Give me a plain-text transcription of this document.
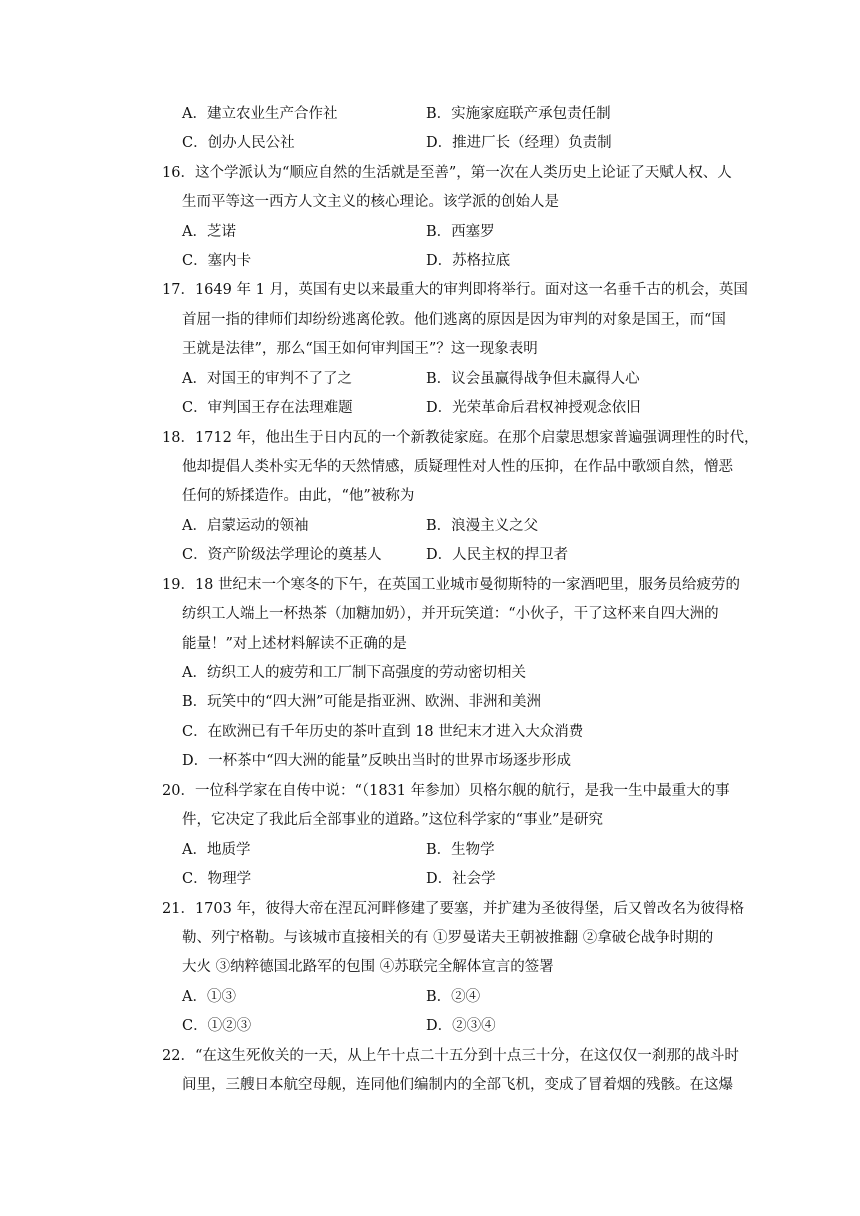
A．建立农业生产合作社	B．实施家庭联产承包责任制
C．创办人民公社	D．推进厂长（经理）负责制
16．这个学派认为“顺应自然的生活就是至善”，第一次在人类历史上论证了天赋人权、人
生而平等这一西方人文主义的核心理论。该学派的创始人是
A．芝诺	B．西塞罗
C．塞内卡	D．苏格拉底
17．1649 年 1 月，英国有史以来最重大的审判即将举行。面对这一名垂千古的机会，英国
首屈一指的律师们却纷纷逃离伦敦。他们逃离的原因是因为审判的对象是国王，而“国
王就是法律”，那么“国王如何审判国王”？这一现象表明
A．对国王的审判不了了之	B．议会虽赢得战争但未赢得人心
C．审判国王存在法理难题	D．光荣革命后君权神授观念依旧
18．1712 年，他出生于日内瓦的一个新教徒家庭。在那个启蒙思想家普遍强调理性的时代，
他却提倡人类朴实无华的天然情感，质疑理性对人性的压抑，在作品中歌颂自然，憎恶
任何的矫揉造作。由此，“他”被称为
A．启蒙运动的领袖	B．浪漫主义之父
C．资产阶级法学理论的奠基人	D．人民主权的捍卫者
19．18 世纪末一个寒冬的下午，在英国工业城市曼彻斯特的一家酒吧里，服务员给疲劳的
纺织工人端上一杯热茶（加糖加奶），并开玩笑道：“小伙子，干了这杯来自四大洲的
能量！”对上述材料解读不正确的是
A．纺织工人的疲劳和工厂制下高强度的劳动密切相关
B．玩笑中的“四大洲”可能是指亚洲、欧洲、非洲和美洲
C．在欧洲已有千年历史的茶叶直到 18 世纪末才进入大众消费
D．一杯茶中“四大洲的能量”反映出当时的世界市场逐步形成
20．一位科学家在自传中说：“（1831 年参加）贝格尔舰的航行，是我一生中最重大的事
件，它决定了我此后全部事业的道路。”这位科学家的“事业”是研究
A．地质学	B．生物学
C．物理学	D．社会学
21．1703 年，彼得大帝在涅瓦河畔修建了要塞，并扩建为圣彼得堡，后又曾改名为彼得格
勒、列宁格勒。与该城市直接相关的有 ①罗曼诺夫王朝被推翻 ②拿破仑战争时期的
大火 ③纳粹德国北路军的包围 ④苏联完全解体宣言的签署
A．①③	B．②④
C．①②③	D．②③④
22．“在这生死攸关的一天，从上午十点二十五分到十点三十分，在这仅仅一刹那的战斗时
间里，三艘日本航空母舰，连同他们编制内的全部飞机，变成了冒着烟的残骸。在这爆
